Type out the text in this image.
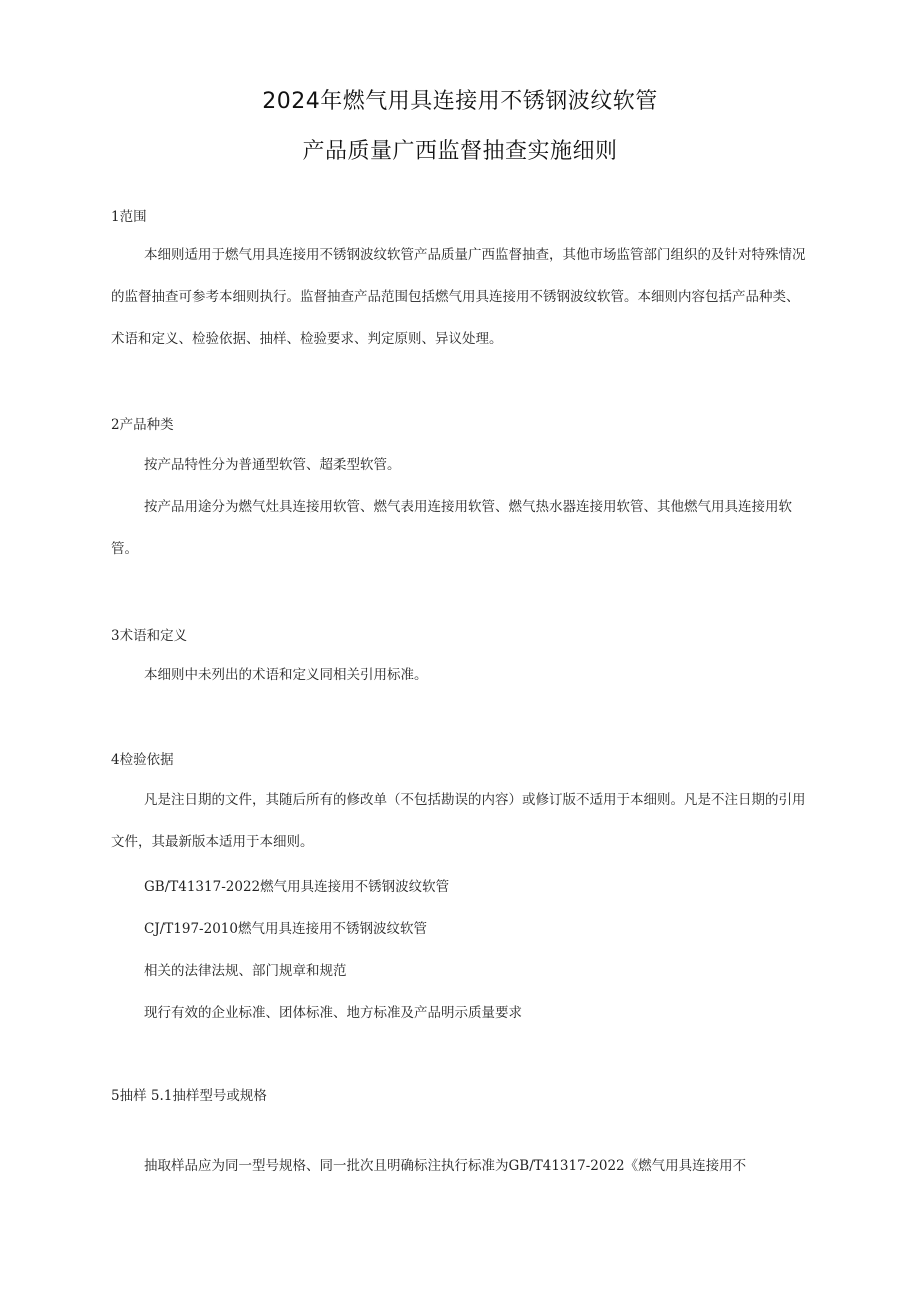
2024年燃气用具连接用不锈钢波纹软管
产品质量广西监督抽查实施细则
1范围
本细则适用于燃气用具连接用不锈钢波纹软管产品质量广西监督抽查，其他市场监管部门组织的及针对特殊情况的监督抽查可参考本细则执行。监督抽查产品范围包括燃气用具连接用不锈钢波纹软管。本细则内容包括产品种类、术语和定义、检验依据、抽样、检验要求、判定原则、异议处理。
2产品种类
按产品特性分为普通型软管、超柔型软管。
按产品用途分为燃气灶具连接用软管、燃气表用连接用软管、燃气热水器连接用软管、其他燃气用具连接用软管。
3术语和定义
本细则中未列出的术语和定义同相关引用标准。
4检验依据
凡是注日期的文件，其随后所有的修改单（不包括勘误的内容）或修订版不适用于本细则。凡是不注日期的引用文件，其最新版本适用于本细则。
GB/T41317-2022燃气用具连接用不锈钢波纹软管
CJ/T197-2010燃气用具连接用不锈钢波纹软管
相关的法律法规、部门规章和规范
现行有效的企业标准、团体标准、地方标准及产品明示质量要求
5抽样 5.1抽样型号或规格
抽取样品应为同一型号规格、同一批次且明确标注执行标准为GB/T41317-2022《燃气用具连接用不
